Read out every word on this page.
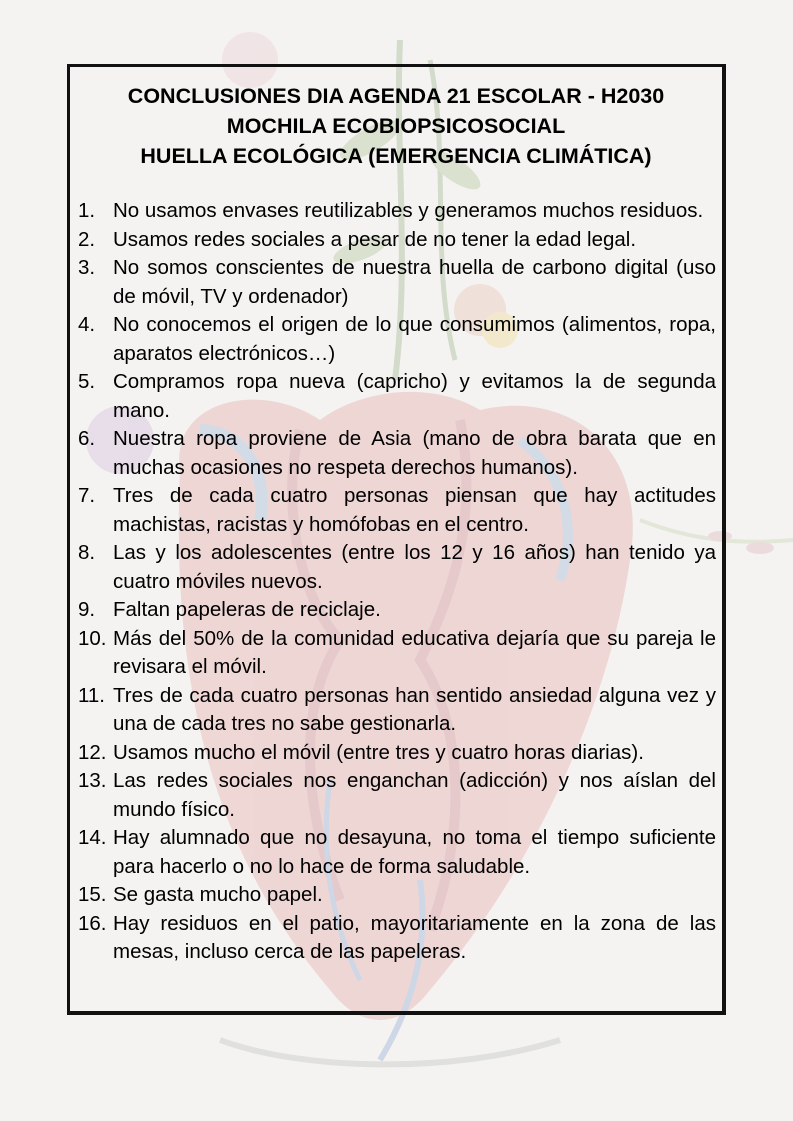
CONCLUSIONES DIA AGENDA 21 ESCOLAR - H2030
MOCHILA ECOBIOPSICOSOCIAL
HUELLA ECOLÓGICA (EMERGENCIA CLIMÁTICA)
1. No usamos envases reutilizables y generamos muchos residuos.
2. Usamos redes sociales a pesar de no tener la edad legal.
3. No somos conscientes de nuestra huella de carbono digital (uso de móvil, TV y ordenador)
4. No conocemos el origen de lo que consumimos (alimentos, ropa, aparatos electrónicos…)
5. Compramos ropa nueva (capricho) y evitamos la de segunda mano.
6. Nuestra ropa proviene de Asia (mano de obra barata que en muchas ocasiones no respeta derechos humanos).
7. Tres de cada cuatro personas piensan que hay actitudes machistas, racistas y homófobas en el centro.
8. Las y los adolescentes (entre los 12 y 16 años) han tenido ya cuatro móviles nuevos.
9. Faltan papeleras de reciclaje.
10. Más del 50% de la comunidad educativa dejaría que su pareja le revisara el móvil.
11. Tres de cada cuatro personas han sentido ansiedad alguna vez y una de cada tres no sabe gestionarla.
12. Usamos mucho el móvil (entre tres y cuatro horas diarias).
13. Las redes sociales nos enganchan (adicción) y nos aíslan del mundo físico.
14. Hay alumnado que no desayuna, no toma el tiempo suficiente para hacerlo o no lo hace de forma saludable.
15. Se gasta mucho papel.
16. Hay residuos en el patio, mayoritariamente en la zona de las mesas, incluso cerca de las papeleras.
